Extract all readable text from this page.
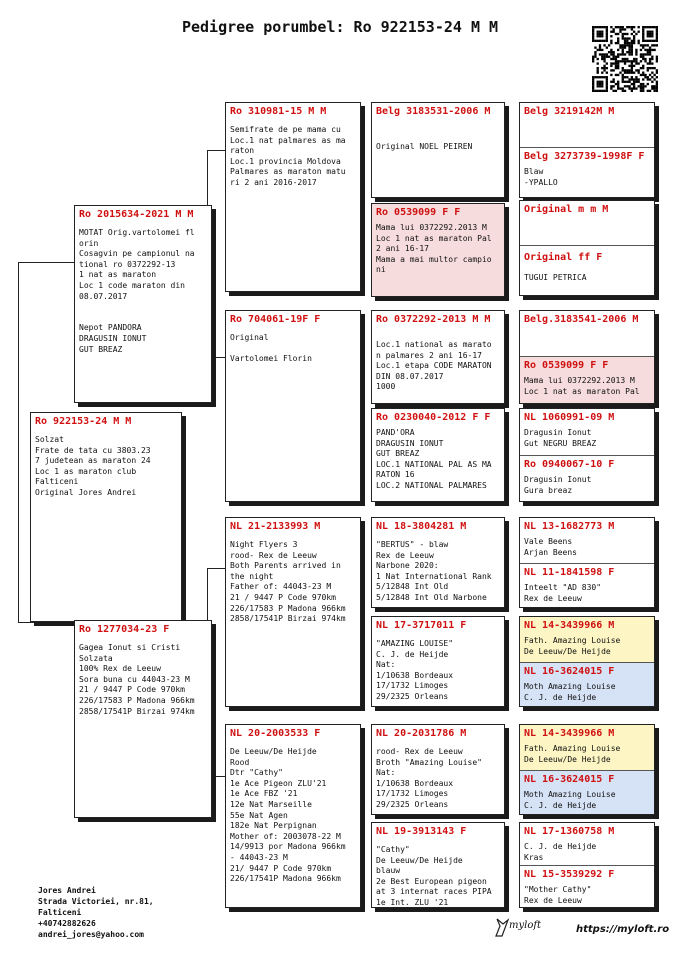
Pedigree porumbel: Ro 922153-24 M M
Ro 922153-24 M M
Solzat
Frate de tata cu 3803.23
7 judetean as maraton 24
Loc 1 as maraton club
Falticeni
Original Jores Andrei
Ro 2015634-2021 M M
MOTAT Orig.vartolomei fl
orin
Cosagvin pe campionul na
tional ro 0372292-13
1 nat as maraton
Loc 1 code maraton din
08.07.2017

Nepot PANDORA
DRAGUSIN IONUT
GUT BREAZ
Ro 1277034-23 F
Gagea Ionut si Cristi
Solzata
100% Rex de Leeuw
Sora buna cu 44043-23 M
21 / 9447 P Code 970km
226/17583 P Madona 966km
2858/17541P Birzai 974km
Ro 310981-15 M M
Semifrate de pe mama cu
Loc.1 nat palmares as ma
raton
Loc.1 provincia Moldova
Palmares as maraton matu
ri 2 ani 2016-2017
Ro 704061-19F F
Original

Vartolomei Florin
NL 21-2133993 M
Night Flyers 3
rood- Rex de Leeuw
Both Parents arrived in
the night
Father of: 44043-23 M
21 / 9447 P Code 970km
226/17583 P Madona 966km
2858/17541P Birzai 974km
NL 20-2003533 F
De Leeuw/De Heijde
Rood
Dtr "Cathy"
1e Ace Pigeon ZLU'21
1e Ace FBZ '21
12e Nat Marseille
55e Nat Agen
182e Nat Perpignan
Mother of: 2003078-22 M
14/9913 por Madona 966km
- 44043-23 M
21/ 9447 P Code 970km
226/17541P Madona 966km
Belg 3183531-2006 M
Original NOEL PEIREN
Ro 0539099 F F
Mama lui 0372292.2013 M
Loc 1 nat as maraton Pal
2 ani 16-17
Mama a mai multor campio
ni
Ro 0372292-2013 M M
Loc.1 national as marato
n palmares 2 ani 16-17
Loc.1 etapa CODE MARATON
DIN 08.07.2017
1000
Ro 0230040-2012 F F
PAND'ORA
DRAGUSIN IONUT
GUT BREAZ
LOC.1 NATIONAL PAL AS MA
RATON 16
LOC.2 NATIONAL PALMARES
NL 18-3804281 M
"BERTUS" - blaw
Rex de Leeuw
Narbone 2020:
1 Nat International Rank
5/12848 Int Old
5/12848 Int Old Narbone
NL 17-3717011 F
"AMAZING LOUISE"
C. J. de Heijde
Nat:
1/10638 Bordeaux
17/1732 Limoges
29/2325 Orleans
NL 20-2031786 M
rood- Rex de Leeuw
Broth "Amazing Louise"
Nat:
1/10638 Bordeaux
17/1732 Limoges
29/2325 Orleans
NL 19-3913143 F
"Cathy"
De Leeuw/De Heijde
blauw
2e Best European pigeon
at 3 internat races PIPA
1e Int. ZLU '21
Belg 3219142M M
Belg 3273739-1998F F
Blaw
-YPALLO
Original m m M
Original ff F
TUGUI PETRICA
Belg.3183541-2006 M
Ro 0539099 F F
Mama lui 0372292.2013 M
Loc 1 nat as maraton Pal
NL 1060991-09 M
Dragusin Ionut
Gut NEGRU BREAZ
Ro 0940067-10 F
Dragusin Ionut
Gura breaz
NL 13-1682773 M
Vale Beens
Arjan Beens
NL 11-1841598 F
Inteelt "AD 830"
Rex de Leeuw
NL 14-3439966 M
Fath. Amazing Louise
De Leeuw/De Heijde
NL 16-3624015 F
Moth Amazing Louise
C. J. de Heijde
NL 14-3439966 M
Fath. Amazing Louise
De Leeuw/De Heijde
NL 16-3624015 F
Moth Amazing Louise
C. J. de Heijde
NL 17-1360758 M
C. J. de Heijde
Kras
NL 15-3539292 F
"Mother Cathy"
Rex de Leeuw
Jores Andrei
Strada Victoriei, nr.81,
Falticeni
+40742882626
andrei_jores@yahoo.com
myloft	https://myloft.ro
